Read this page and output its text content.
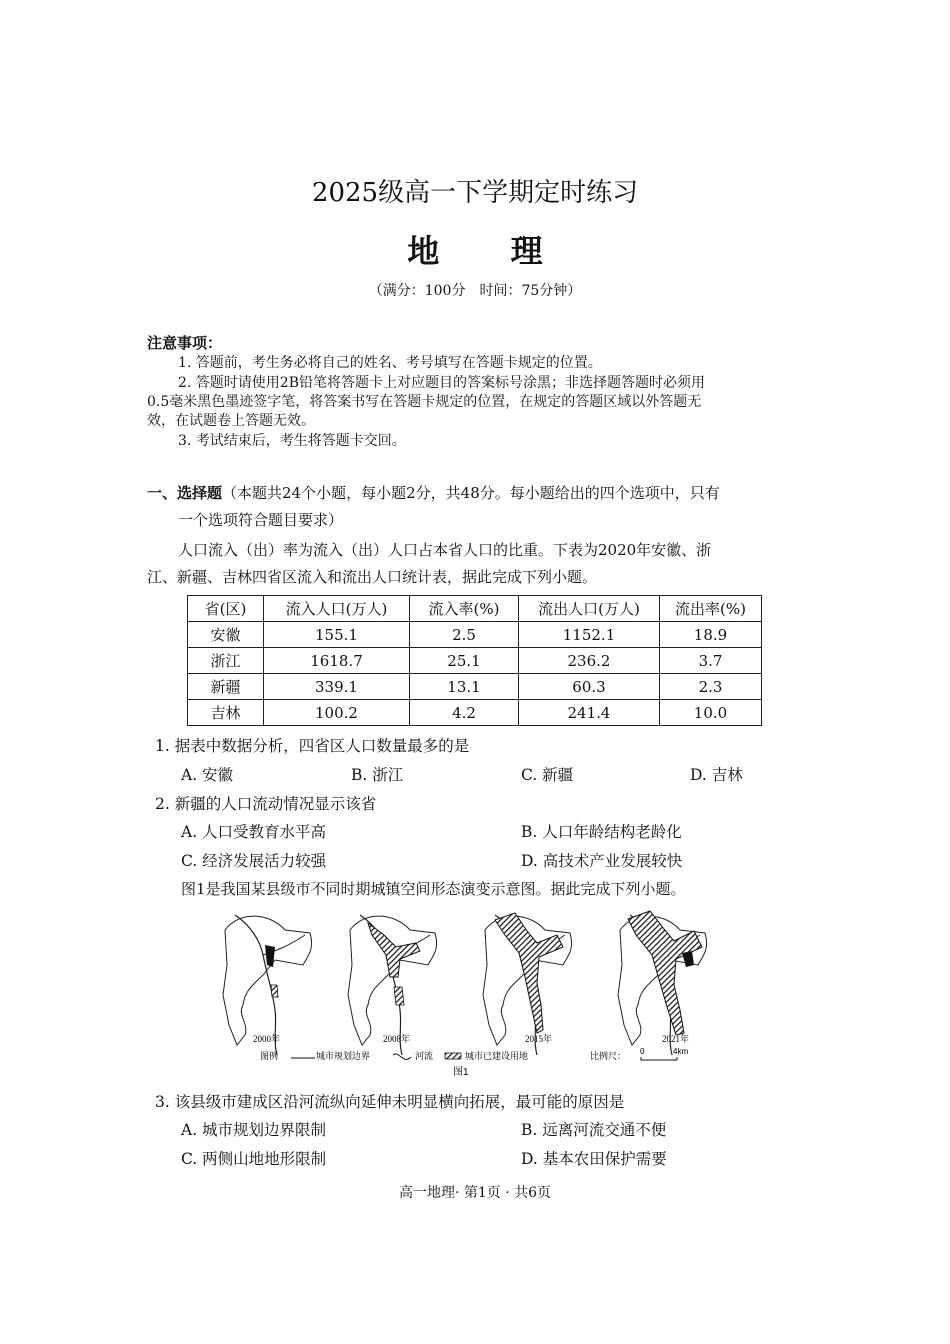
2025级高一下学期定时练习
地 理
（满分：100分　时间：75分钟）
注意事项：
1. 答题前，考生务必将自己的姓名、考号填写在答题卡规定的位置。
2. 答题时请使用2B铅笔将答题卡上对应题目的答案标号涂黑；非选择题答题时必须用
0.5毫米黑色墨迹签字笔，将答案书写在答题卡规定的位置，在规定的答题区域以外答题无
效，在试题卷上答题无效。
3. 考试结束后，考生将答题卡交回。
一、选择题（本题共24个小题，每小题2分，共48分。每小题给出的四个选项中，只有
一个选项符合题目要求）
人口流入（出）率为流入（出）人口占本省人口的比重。下表为2020年安徽、浙
江、新疆、吉林四省区流入和流出人口统计表，据此完成下列小题。
省(区)	流入人口(万人)	流入率(%)	流出人口(万人)	流出率(%)
安徽	155.1	2.5	1152.1	18.9
浙江	1618.7	25.1	236.2	3.7
新疆	339.1	13.1	60.3	2.3
吉林	100.2	4.2	241.4	10.0
1. 据表中数据分析，四省区人口数量最多的是
A. 安徽	B. 浙江	C. 新疆	D. 吉林
2. 新疆的人口流动情况显示该省
A. 人口受教育水平高	B. 人口年龄结构老龄化
C. 经济发展活力较强	D. 高技术产业发展较快
图1是我国某县级市不同时期城镇空间形态演变示意图。据此完成下列小题。
2000年	2008年	2015年	2021年
图例	城市规划边界	河流	城市已建设用地	比例尺： 0	4km
图1
3. 该县级市建成区沿河流纵向延伸未明显横向拓展，最可能的原因是
A. 城市规划边界限制	B. 远离河流交通不便
C. 两侧山地地形限制	D. 基本农田保护需要
高一地理· 第1页 · 共6页
